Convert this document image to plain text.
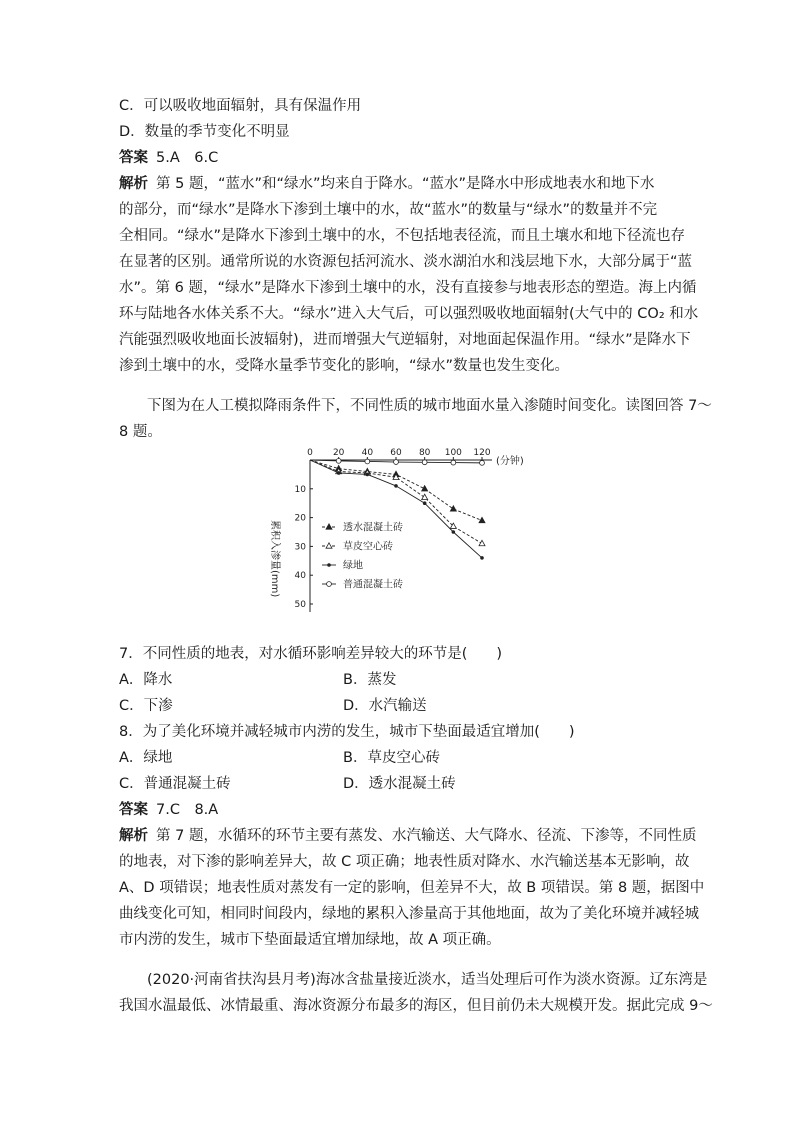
C．可以吸收地面辐射，具有保温作用

D．数量的季节变化不明显

答案 5.A　6.C

解析 第 5 题，“蓝水”和“绿水”均来自于降水。“蓝水”是降水中形成地表水和地下水

的部分，而“绿水”是降水下渗到土壤中的水，故“蓝水”的数量与“绿水”的数量并不完

全相同。“绿水”是降水下渗到土壤中的水，不包括地表径流，而且土壤水和地下径流也存

在显著的区别。通常所说的水资源包括河流水、淡水湖泊水和浅层地下水，大部分属于“蓝

水”。第 6 题，“绿水”是降水下渗到土壤中的水，没有直接参与地表形态的塑造。海上内循

环与陆地各水体关系不大。“绿水”进入大气后，可以强烈吸收地面辐射(大气中的 CO₂ 和水

汽能强烈吸收地面长波辐射)，进而增强大气逆辐射，对地面起保温作用。“绿水”是降水下

渗到土壤中的水，受降水量季节变化的影响，“绿水”数量也发生变化。

下图为在人工模拟降雨条件下，不同性质的城市地面水量入渗随时间变化。读图回答 7～

8 题。

累积入渗量(mm)
(分钟)
0 20 40 60 80 100 120
10
20
30
40
50
透水混凝土砖
草皮空心砖
绿地
普通混凝土砖

7．不同性质的地表，对水循环影响差异较大的环节是(　　)

A．降水	B．蒸发
C．下渗	D．水汽输送

8．为了美化环境并减轻城市内涝的发生，城市下垫面最适宜增加(　　)

A．绿地	B．草皮空心砖
C．普通混凝土砖	D．透水混凝土砖

答案 7.C　8.A

解析 第 7 题，水循环的环节主要有蒸发、水汽输送、大气降水、径流、下渗等，不同性质

的地表，对下渗的影响差异大，故 C 项正确；地表性质对降水、水汽输送基本无影响，故

A、D 项错误；地表性质对蒸发有一定的影响，但差异不大，故 B 项错误。第 8 题，据图中

曲线变化可知，相同时间段内，绿地的累积入渗量高于其他地面，故为了美化环境并减轻城

市内涝的发生，城市下垫面最适宜增加绿地，故 A 项正确。

(2020·河南省扶沟县月考)海冰含盐量接近淡水，适当处理后可作为淡水资源。辽东湾是

我国水温最低、冰情最重、海冰资源分布最多的海区，但目前仍未大规模开发。据此完成 9～
